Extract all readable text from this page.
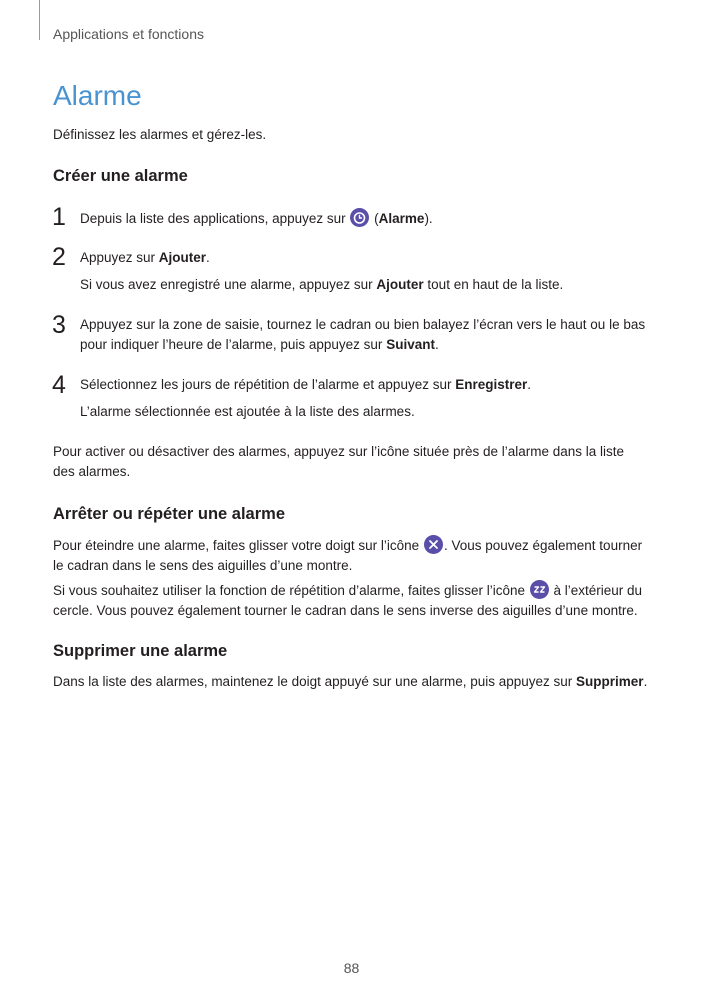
Applications et fonctions
Alarme
Définissez les alarmes et gérez-les.
Créer une alarme
1 Depuis la liste des applications, appuyez sur
(Alarme).
2 Appuyez sur Ajouter.
Si vous avez enregistré une alarme, appuyez sur Ajouter tout en haut de la liste.
3 Appuyez sur la zone de saisie, tournez le cadran ou bien balayez l’écran vers le haut ou le bas
pour indiquer l’heure de l’alarme, puis appuyez sur Suivant.
4 Sélectionnez les jours de répétition de l’alarme et appuyez sur Enregistrer.
L’alarme sélectionnée est ajoutée à la liste des alarmes.
Pour activer ou désactiver des alarmes, appuyez sur l’icône située près de l’alarme dans la liste des alarmes.
Arrêter ou répéter une alarme
Pour éteindre une alarme, faites glisser votre doigt sur l’icône
. Vous pouvez également tourner le cadran dans le sens des aiguilles d’une montre.
Si vous souhaitez utiliser la fonction de répétition d’alarme, faites glisser l’icône
à l’extérieur du cercle. Vous pouvez également tourner le cadran dans le sens inverse des aiguilles d’une montre.
Supprimer une alarme
Dans la liste des alarmes, maintenez le doigt appuyé sur une alarme, puis appuyez sur Supprimer.
88
